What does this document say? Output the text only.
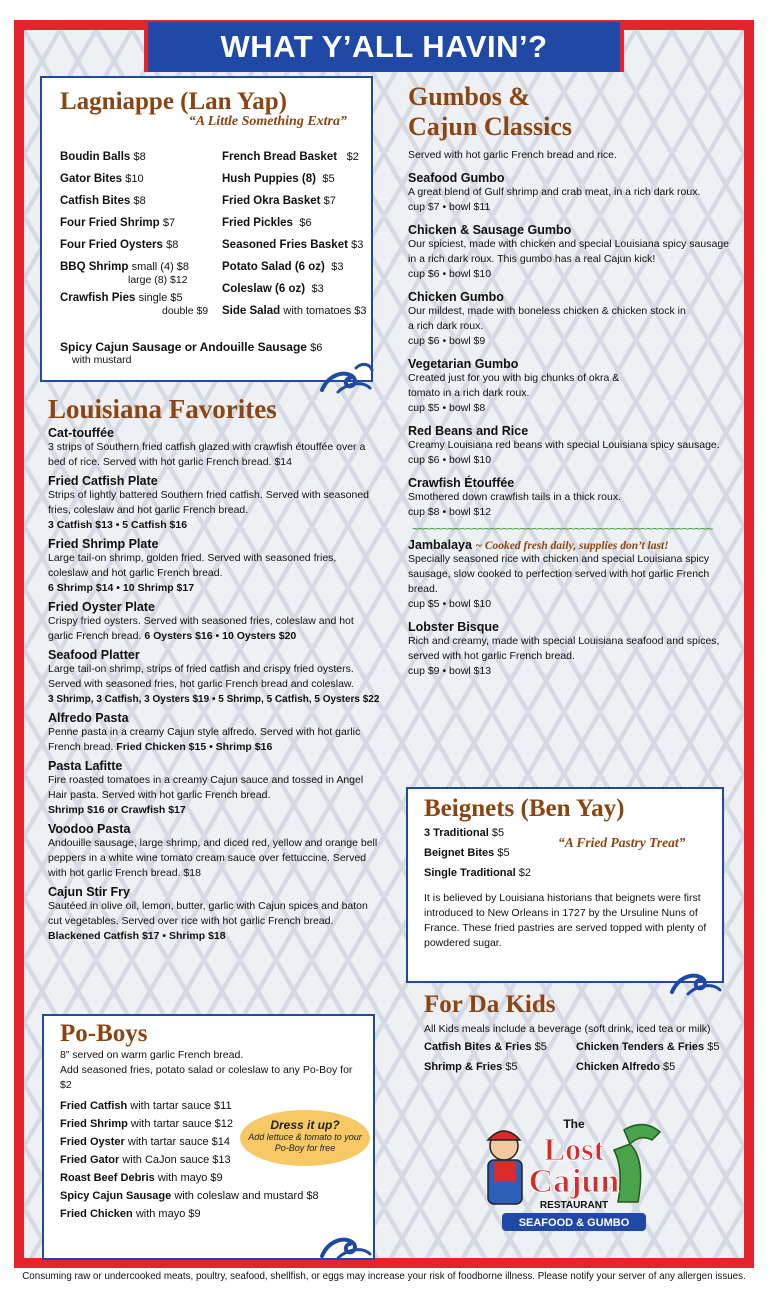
WHAT Y’ALL HAVIN’?
Lagniappe (Lan Yap)
“A Little Something Extra”
Boudin Balls $8
Gator Bites $10
Catfish Bites $8
Four Fried Shrimp $7
Four Fried Oysters $8
BBQ Shrimp small (4) $8
large (8) $12
Crawfish Pies single $5
double $9
French Bread Basket $2
Hush Puppies (8) $5
Fried Okra Basket $7
Fried Pickles $6
Seasoned Fries Basket $3
Potato Salad (6 oz) $3
Coleslaw (6 oz) $3
Side Salad with tomatoes $3
Spicy Cajun Sausage or Andouille Sausage $6
with mustard
Louisiana Favorites
Cat-touffée
3 strips of Southern fried catfish glazed with crawfish étouffée over a bed of rice. Served with hot garlic French bread. $14
Fried Catfish Plate
Strips of lightly battered Southern fried catfish. Served with seasoned fries, coleslaw and hot garlic French bread.
3 Catfish $13 • 5 Catfish $16
Fried Shrimp Plate
Large tail-on shrimp, golden fried. Served with seasoned fries, coleslaw and hot garlic French bread.
6 Shrimp $14 • 10 Shrimp $17
Fried Oyster Plate
Crispy fried oysters. Served with seasoned fries, coleslaw and hot garlic French bread. 6 Oysters $16 • 10 Oysters $20
Seafood Platter
Large tail-on shrimp, strips of fried catfish and crispy fried oysters. Served with seasoned fries, hot garlic French bread and coleslaw.
3 Shrimp, 3 Catfish, 3 Oysters $19 • 5 Shrimp, 5 Catfish, 5 Oysters $22
Alfredo Pasta
Penne pasta in a creamy Cajun style alfredo. Served with hot garlic French bread. Fried Chicken $15 • Shrimp $16
Pasta Lafitte
Fire roasted tomatoes in a creamy Cajun sauce and tossed in Angel Hair pasta. Served with hot garlic French bread.
Shrimp $16 or Crawfish $17
Voodoo Pasta
Andouille sausage, large shrimp, and diced red, yellow and orange bell peppers in a white wine tomato cream sauce over fettuccine. Served with hot garlic French bread. $18
Cajun Stir Fry
Sautéed in olive oil, lemon, butter, garlic with Cajun spices and baton cut vegetables. Served over rice with hot garlic French bread.
Blackened Catfish $17 • Shrimp $18
Po-Boys
8” served on warm garlic French bread.
Add seasoned fries, potato salad or coleslaw to any Po-Boy for $2
Fried Catfish with tartar sauce $11
Fried Shrimp with tartar sauce $12
Fried Oyster with tartar sauce $14
Fried Gator with CaJon sauce $13
Roast Beef Debris with mayo $9
Spicy Cajun Sausage with coleslaw and mustard $8
Fried Chicken with mayo $9
Dress it up?
Add lettuce & tomato to your Po-Boy for free
Gumbos &
Cajun Classics
Served with hot garlic French bread and rice.
Seafood Gumbo
A great blend of Gulf shrimp and crab meat, in a rich dark roux.
cup $7 • bowl $11
Chicken & Sausage Gumbo
Our spiciest, made with chicken and special Louisiana spicy sausage in a rich dark roux. This gumbo has a real Cajun kick!
cup $6 • bowl $10
Chicken Gumbo
Our mildest, made with boneless chicken & chicken stock in a rich dark roux.
cup $6 • bowl $9
Vegetarian Gumbo
Created just for you with big chunks of okra & tomato in a rich dark roux.
cup $5 • bowl $8
Red Beans and Rice
Creamy Louisiana red beans with special Louisiana spicy sausage.
cup $6 • bowl $10
Crawfish Étouffée
Smothered down crawfish tails in a thick roux.
cup $8 • bowl $12
~~~~~~~~~~~~~~~~~~~~~~~~~~~~~~~~~~~~~~~~~~~~~~~~~~
Jambalaya ~ Cooked fresh daily, supplies don’t last!
Specially seasoned rice with chicken and special Louisiana spicy sausage, slow cooked to perfection served with hot garlic French bread.
cup $5 • bowl $10
Lobster Bisque
Rich and creamy, made with special Louisiana seafood and spices, served with hot garlic French bread.
cup $9 • bowl $13
Beignets (Ben Yay)
“A Fried Pastry Treat”
3 Traditional $5
Beignet Bites $5
Single Traditional $2
It is believed by Louisiana historians that beignets were first introduced to New Orleans in 1727 by the Ursuline Nuns of France. These fried pastries are served topped with plenty of powdered sugar.
For Da Kids
All Kids meals include a beverage (soft drink, iced tea or milk)
Catfish Bites & Fries $5	Chicken Tenders & Fries $5
Shrimp & Fries $5	Chicken Alfredo $5
The
Lost
Cajun
RESTAURANT
SEAFOOD & GUMBO
Consuming raw or undercooked meats, poultry, seafood, shellfish, or eggs may increase your risk of foodborne illness. Please notify your server of any allergen issues.
